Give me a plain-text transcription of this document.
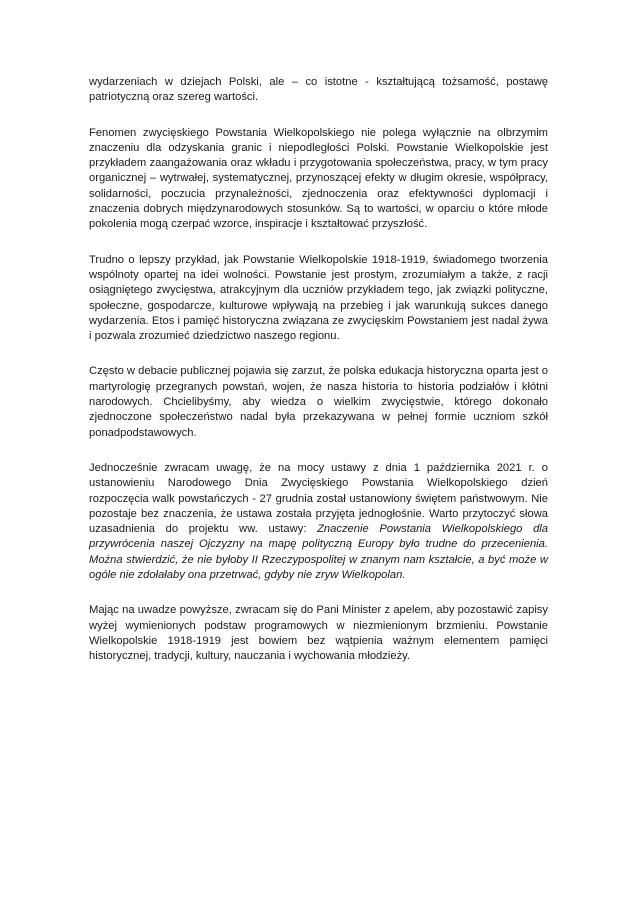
wydarzeniach w dziejach Polski, ale – co istotne - kształtującą tożsamość, postawę patriotyczną oraz szereg wartości.

Fenomen zwycięskiego Powstania Wielkopolskiego nie polega wyłącznie na olbrzymim znaczeniu dla odzyskania granic i niepodległości Polski. Powstanie Wielkopolskie jest przykładem zaangażowania oraz wkładu i przygotowania społeczeństwa, pracy, w tym pracy organicznej – wytrwałej, systematycznej, przynoszącej efekty w długim okresie, współpracy, solidarności, poczucia przynależności, zjednoczenia oraz efektywności dyplomacji i znaczenia dobrych międzynarodowych stosunków. Są to wartości, w oparciu o które młode pokolenia mogą czerpać wzorce, inspiracje i kształtować przyszłość.

Trudno o lepszy przykład, jak Powstanie Wielkopolskie 1918-1919, świadomego tworzenia wspólnoty opartej na idei wolności. Powstanie jest prostym, zrozumiałym a także, z racji osiągniętego zwycięstwa, atrakcyjnym dla uczniów przykładem tego, jak związki polityczne, społeczne, gospodarcze, kulturowe wpływają na przebieg i jak warunkują sukces danego wydarzenia. Etos i pamięć historyczna związana ze zwycięskim Powstaniem jest nadal żywa i pozwala zrozumieć dziedzictwo naszego regionu.

Często w debacie publicznej pojawia się zarzut, że polska edukacja historyczna oparta jest o martyrologię przegranych powstań, wojen, że nasza historia to historia podziałów i kłótni narodowych. Chcielibyśmy, aby wiedza o wielkim zwycięstwie, którego dokonało zjednoczone społeczeństwo nadal była przekazywana w pełnej formie uczniom szkół ponadpodstawowych.

Jednocześnie zwracam uwagę, że na mocy ustawy z dnia 1 października 2021 r. o ustanowieniu Narodowego Dnia Zwycięskiego Powstania Wielkopolskiego dzień rozpoczęcia walk powstańczych - 27 grudnia został ustanowiony świętem państwowym. Nie pozostaje bez znaczenia, że ustawa została przyjęta jednogłośnie. Warto przytoczyć słowa uzasadnienia do projektu ww. ustawy: Znaczenie Powstania Wielkopolskiego dla przywrócenia naszej Ojczyzny na mapę polityczną Europy było trudne do przecenienia. Można stwierdzić, że nie byłoby II Rzeczypospolitej w znanym nam kształcie, a być może w ogóle nie zdołałaby ona przetrwać, gdyby nie zryw Wielkopolan.

Mając na uwadze powyższe, zwracam się do Pani Minister z apelem, aby pozostawić zapisy wyżej wymienionych podstaw programowych w niezmienionym brzmieniu. Powstanie Wielkopolskie 1918-1919 jest bowiem bez wątpienia ważnym elementem pamięci historycznej, tradycji, kultury, nauczania i wychowania młodzieży.
